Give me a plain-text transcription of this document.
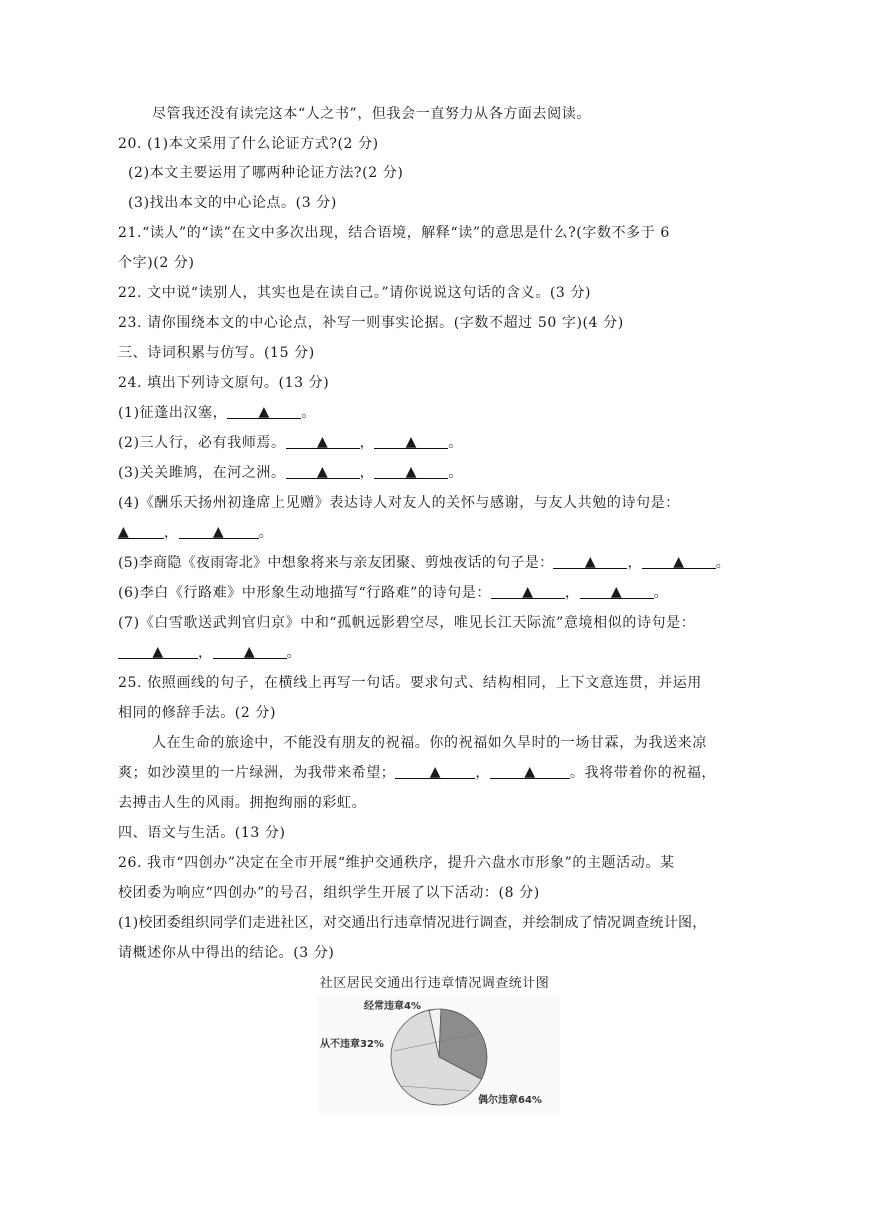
尽管我还没有读完这本“人之书”，但我会一直努力从各方面去阅读。
20. (1)本文采用了什么论证方式?(2 分)
(2)本文主要运用了哪两种论证方法?(2 分)
(3)找出本文的中心论点。(3 分)
21.“读人”的“读”在文中多次出现，结合语境，解释“读”的意思是什么?(字数不多于 6
个字)(2 分)
22. 文中说“读别人，其实也是在读自己。”请你说说这句话的含义。(3 分)
23. 请你围绕本文的中心论点，补写一则事实论据。(字数不超过 50 字)(4 分)
三、诗词积累与仿写。(15 分)
24. 填出下列诗文原句。(13 分)
(1)征蓬出汉塞， ▲ 。
(2)三人行，必有我师焉。 ▲ ， ▲ 。
(3)关关雎鸠，在河之洲。 ▲ ， ▲ 。
(4)《酬乐天扬州初逢席上见赠》表达诗人对友人的关怀与感谢，与友人共勉的诗句是：
▲ ， ▲ 。
(5)李商隐《夜雨寄北》中想象将来与亲友团聚、剪烛夜话的句子是： ▲ ， ▲ 。
(6)李白《行路难》中形象生动地描写“行路难”的诗句是： ▲ ， ▲ 。
(7)《白雪歌送武判官归京》中和“孤帆远影碧空尽，唯见长江天际流”意境相似的诗句是：
▲ ， ▲ 。
25. 依照画线的句子，在横线上再写一句话。要求句式、结构相同，上下文意连贯，并运用
相同的修辞手法。(2 分)
人在生命的旅途中，不能没有朋友的祝福。你的祝福如久旱时的一场甘霖，为我送来凉
爽；如沙漠里的一片绿洲，为我带来希望； ▲ ， ▲ 。我将带着你的祝福，
去搏击人生的风雨。拥抱绚丽的彩虹。
四、语文与生活。(13 分)
26. 我市“四创办”决定在全市开展“维护交通秩序，提升六盘水市形象”的主题活动。某
校团委为响应“四创办”的号召，组织学生开展了以下活动：(8 分)
(1)校团委组织同学们走进社区，对交通出行违章情况进行调查，并绘制成了情况调查统计图，
请概述你从中得出的结论。(3 分)
社区居民交通出行违章情况调查统计图
经常违章4%
从不违章32%
偶尔违章64%
